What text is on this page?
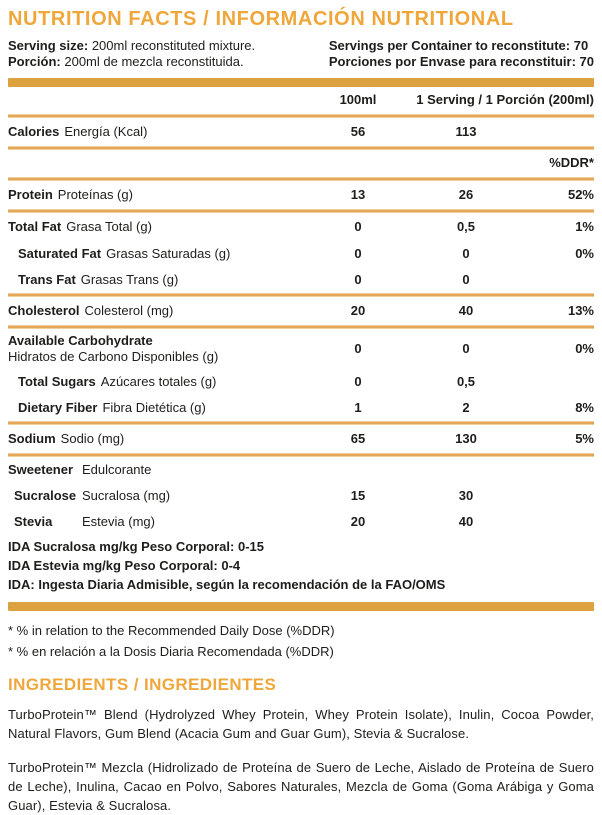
NUTRITION FACTS / INFORMACIÓN NUTRITIONAL
Serving size: 200ml reconstituted mixture.
Porción: 200ml de mezcla reconstituida.
Servings per Container to reconstitute: 70
Porciones por Envase para reconstituir: 70
100ml	1 Serving / 1 Porción (200ml)
Calories Energía (Kcal)	56	113
%DDR*
Protein Proteínas (g)	13	26	52%
Total Fat Grasa Total (g)	0	0,5	1%
Saturated Fat Grasas Saturadas (g)	0	0	0%
Trans Fat Grasas Trans (g)	0	0
Cholesterol Colesterol (mg)	20	40	13%
Available Carbohydrate
Hidratos de Carbono Disponibles (g)
0	0	0%
Total Sugars Azúcares totales (g)	0	0,5
Dietary Fiber Fibra Dietética (g)	1	2	8%
Sodium Sodio (mg)	65	130	5%
Sweetener Edulcorante
Sucralose Sucralosa (mg)	15	30
Stevia Estevia (mg)	20	40
IDA Sucralosa mg/kg Peso Corporal: 0-15
IDA Estevia mg/kg Peso Corporal: 0-4
IDA: Ingesta Diaria Admisible, según la recomendación de la FAO/OMS
* % in relation to the Recommended Daily Dose (%DDR)
* % en relación a la Dosis Diaria Recomendada (%DDR)
INGREDIENTS / INGREDIENTES
TurboProtein™ Blend (Hydrolyzed Whey Protein, Whey Protein Isolate), Inulin, Cocoa Powder, Natural Flavors, Gum Blend (Acacia Gum and Guar Gum), Stevia & Sucralose.
TurboProtein™ Mezcla (Hidrolizado de Proteína de Suero de Leche, Aislado de Proteína de Suero de Leche), Inulina, Cacao en Polvo, Sabores Naturales, Mezcla de Goma (Goma Arábiga y Goma Guar), Estevia & Sucralosa.
